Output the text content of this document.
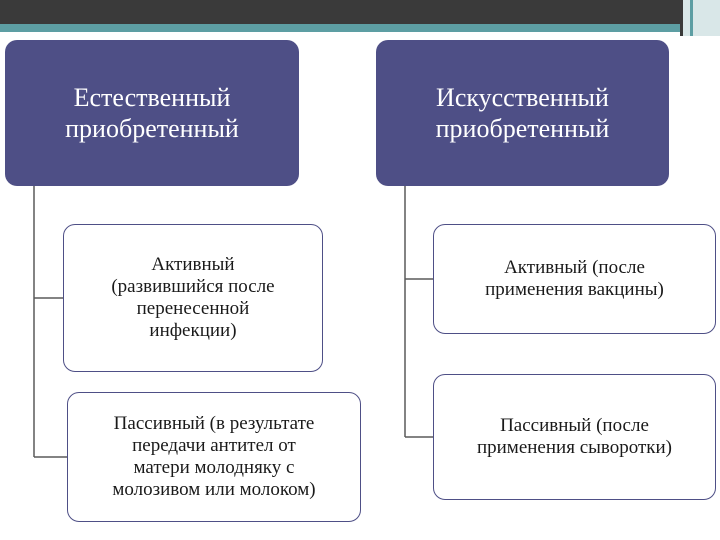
Естественный
приобретенный
Искусственный
приобретенный
Активный
(развившийся после
перенесенной
инфекции)
Пассивный (в результате
передачи антител от
матери молодняку с
молозивом или молоком)
Активный (после
применения вакцины)
Пассивный (после
применения сыворотки)
